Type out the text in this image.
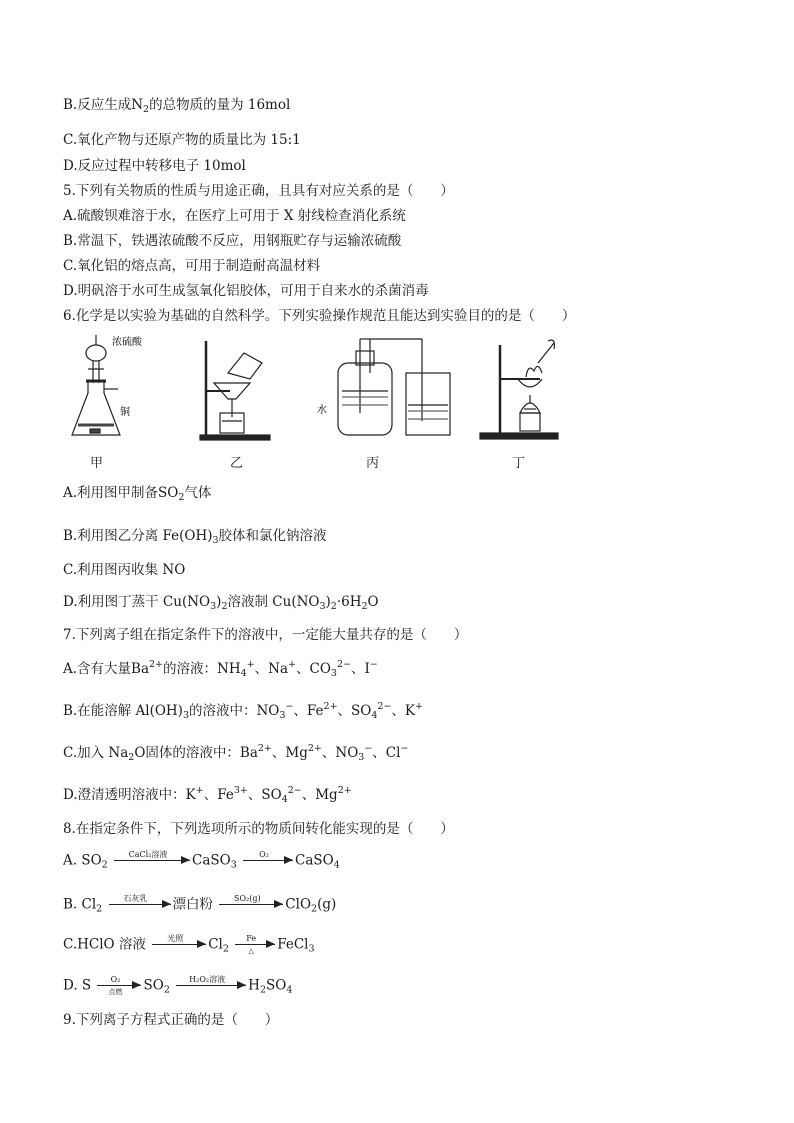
B.反应生成$N_2$的总物质的量为 16mol
C.氧化产物与还原产物的质量比为 15:1
D.反应过程中转移电子 10mol
5.下列有关物质的性质与用途正确，且具有对应关系的是（　　）
A.硫酸钡难溶于水，在医疗上可用于 X 射线检查消化系统
B.常温下，铁遇浓硫酸不反应，用钢瓶贮存与运输浓硫酸
C.氧化铝的熔点高，可用于制造耐高温材料
D.明矾溶于水可生成氢氧化铝胶体，可用于自来水的杀菌消毒
6.化学是以实验为基础的自然科学。下列实验操作规范且能达到实验目的的是（　　）
浓硫酸
铜	水
甲	乙	丙	丁
A.利用图甲制备$SO_2$气体
B.利用图乙分离 $Fe(OH)_3$胶体和氯化钠溶液
C.利用图丙收集 NO
D.利用图丁蒸干 $Cu(NO_3)_2$溶液制 $Cu(NO_3)_2\cdot 6H_2O$
7.下列离子组在指定条件下的溶液中，一定能大量共存的是（　　）
A.含有大量$Ba^{2+}$的溶液：$NH_4^+$、Na+、$CO_3^{2-}$、I−
B.在能溶解 $Al(OH)_3$的溶液中：$NO_3^-$、$Fe^{2+}$、$SO_4^{2-}$、K+
C.加入 $Na_2O$固体的溶液中：$Ba^{2+}$、$Mg^{2+}$、$NO_3^-$、Cl−
D.澄清透明溶液中：K+、$Fe^{3+}$、$SO_4^{2-}$、$Mg^{2+}$
8.在指定条件下，下列选项所示的物质间转化能实现的是（　　）
A. $SO_2$
CaCl₂溶液	CaSO$_3$
O₂	CaSO$_4$
B. $Cl_2$
石灰乳	漂白粉	SO₂(g)	ClO$_2$(g)
C.HClO 溶液	光照	$Cl_2$
Fe
△	FeCl$_3$
D. S	O₂
点燃	$SO_2$
H₂O₂溶液	$H_2SO_4$
9.下列离子方程式正确的是（　　）
